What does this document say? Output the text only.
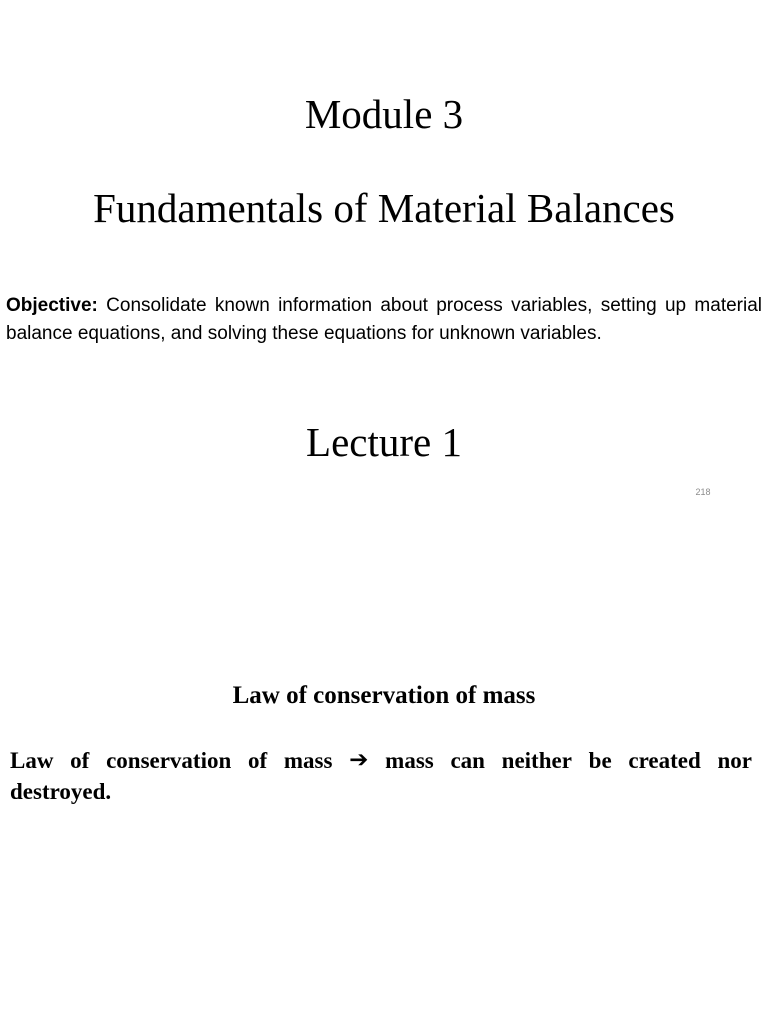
Module 3
Fundamentals of Material Balances
Objective: Consolidate known information about process variables, setting up material balance equations, and solving these equations for unknown variables.
Lecture 1
218
Law of conservation of mass
Law of conservation of mass ➔ mass can neither be created nor
destroyed.
